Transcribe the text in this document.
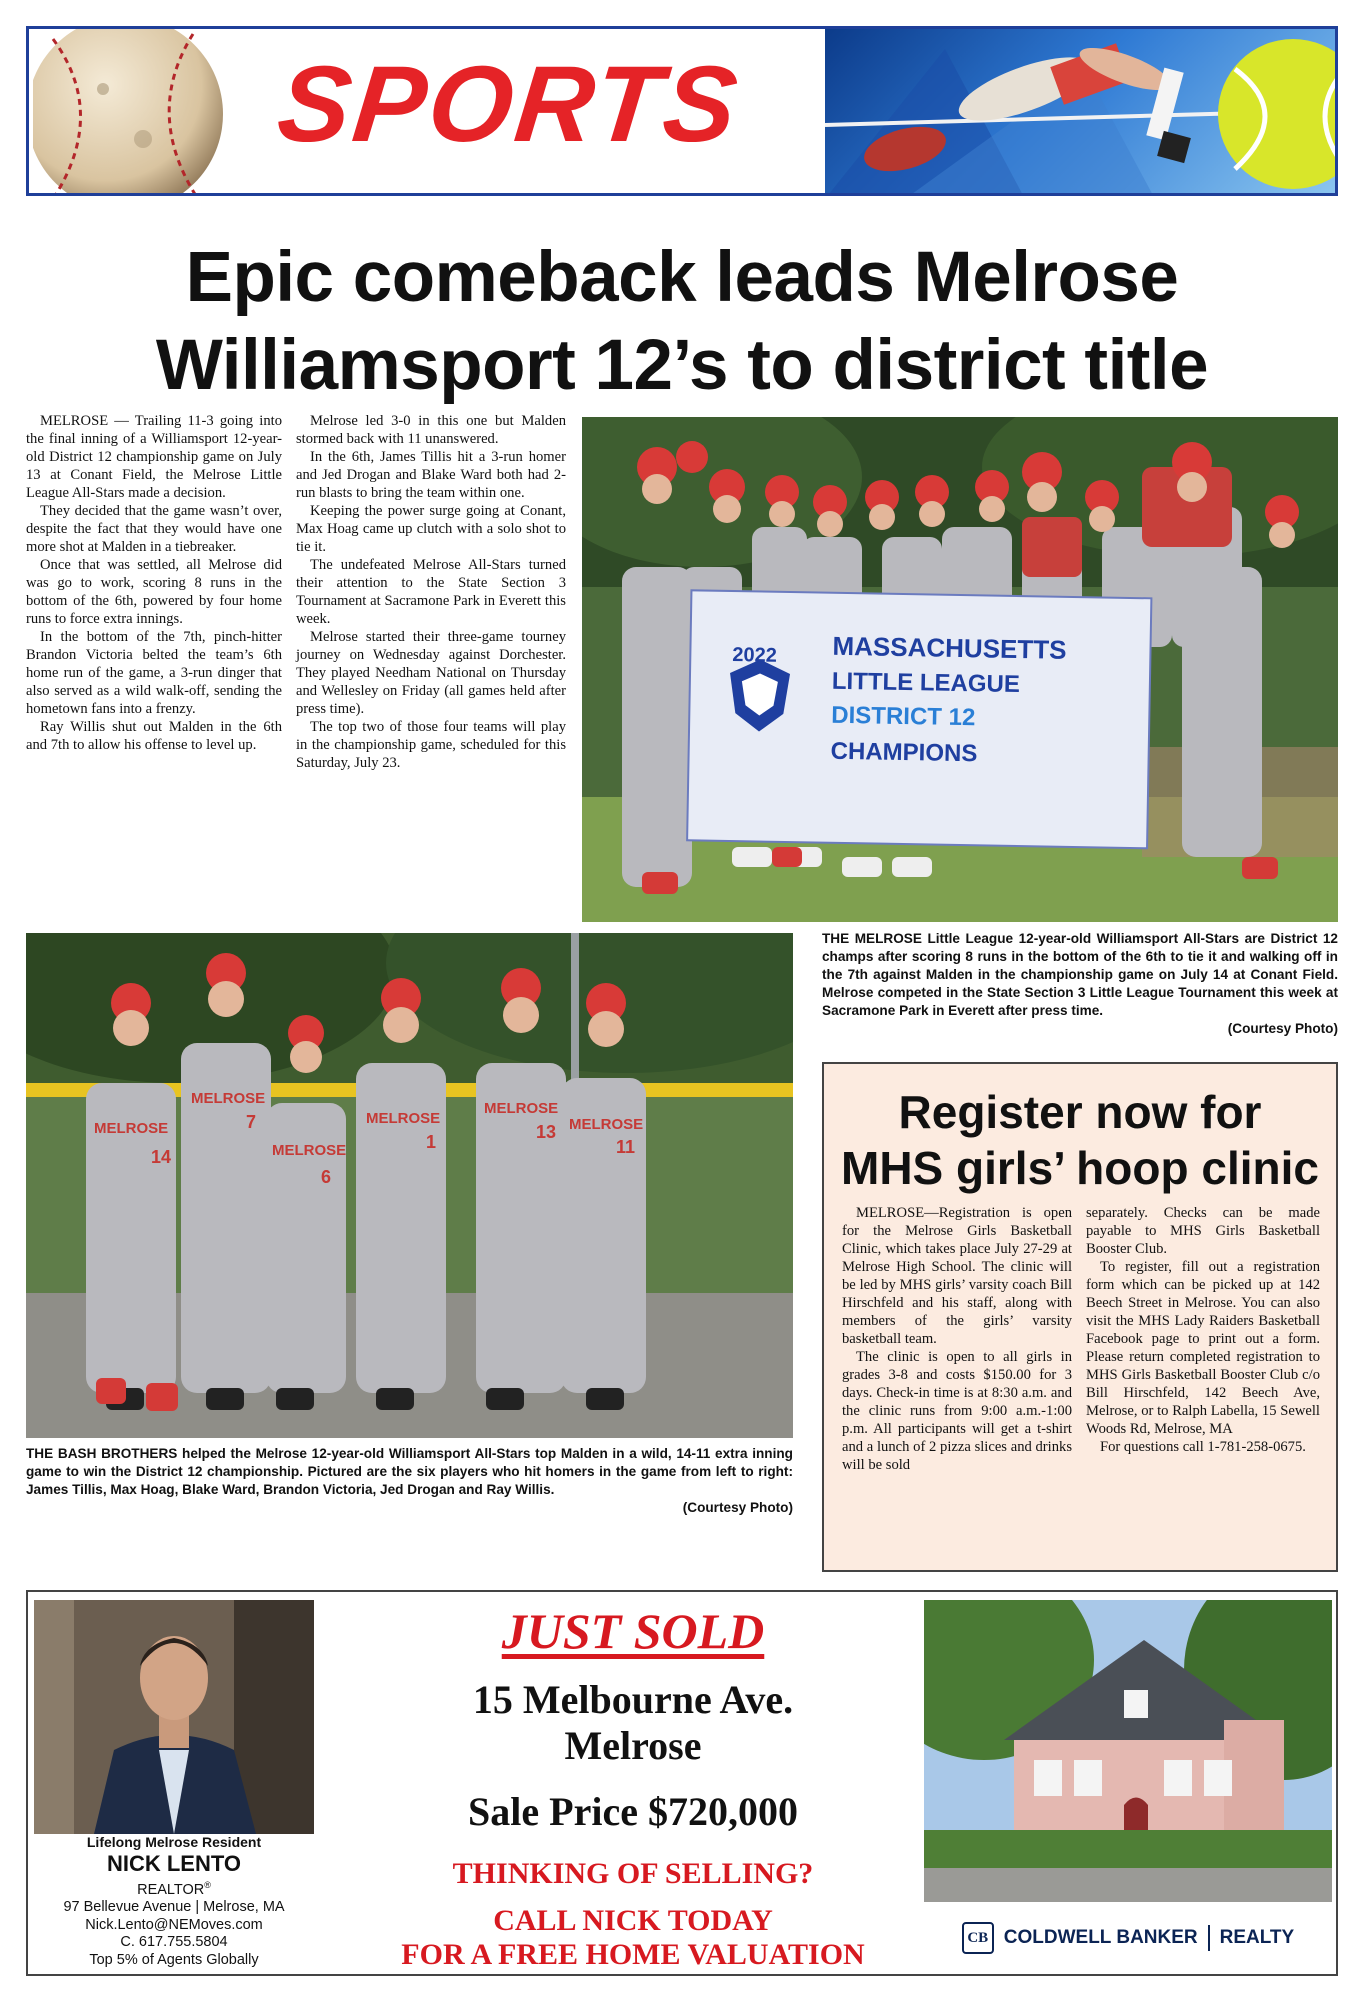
SPORTS
Epic comeback leads Melrose
Williamsport 12’s to district title

MELROSE — Trailing 11-3 going into the final inning of a Williamsport 12-year-old District 12 championship game on July 13 at Conant Field, the Melrose Little League All-Stars made a decision.

They decided that the game wasn’t over, despite the fact that they would have one more shot at Malden in a tiebreaker.

Once that was settled, all Melrose did was go to work, scoring 8 runs in the bottom of the 6th, powered by four home runs to force extra innings.

In the bottom of the 7th, pinch-hitter Brandon Victoria belted the team’s 6th home run of the game, a 3-run dinger that also served as a wild walk-off, sending the hometown fans into a frenzy.

Ray Willis shut out Malden in the 6th and 7th to allow his offense to level up.

Melrose led 3-0 in this one but Malden stormed back with 11 unanswered.

In the 6th, James Tillis hit a 3-run homer and Jed Drogan and Blake Ward both had 2-run blasts to bring the team within one.

Keeping the power surge going at Conant, Max Hoag came up clutch with a solo shot to tie it.

The undefeated Melrose All-Stars turned their attention to the State Section 3 Tournament at Sacramone Park in Everett this week.

Melrose started their three-game tourney journey on Wednesday against Dorchester. They played Needham National on Thursday and Wellesley on Friday (all games held after press time).

The top two of those four teams will play in the championship game, scheduled for this Saturday, July 23.

2022 MASSACHUSETTS
LITTLE LEAGUE
DISTRICT 12
CHAMPIONS
THE MELROSE Little League 12-year-old Williamsport All-Stars are District 12 champs after scoring 8 runs in the bottom of the 6th to tie it and walking off in the 7th against Malden in the championship game on July 14 at Conant Field. Melrose competed in the State Section 3 Little League Tournament this week at Sacramone Park in Everett after press time.
(Courtesy Photo)
MELROSE
MELROSE
MELROSE
MELROSE
MELROSE
MELROSE
14
7
6
1	13
11
THE BASH BROTHERS helped the Melrose 12-year-old Williamsport All-Stars top Malden in a wild, 14-11 extra inning game to win the District 12 championship. Pictured are the six players who hit homers in the game from left to right: James Tillis, Max Hoag, Blake Ward, Brandon Victoria, Jed Drogan and Ray Willis.
(Courtesy Photo)
Register now for
MHS girls’ hoop clinic

MELROSE—Registration is open for the Melrose Girls Basketball Clinic, which takes place July 27-29 at Melrose High School. The clinic will be led by MHS girls’ varsity coach Bill Hirschfeld and his staff, along with members of the girls’ varsity basketball team.

The clinic is open to all girls in grades 3-8 and costs $150.00 for 3 days. Check-in time is at 8:30 a.m. and the clinic runs from 9:00 a.m.-1:00 p.m. All participants will get a t-shirt and a lunch of 2 pizza slices and drinks will be sold

separately. Checks can be made payable to MHS Girls Basketball Booster Club.

To register, fill out a registration form which can be picked up at 142 Beech Street in Melrose. You can also visit the MHS Lady Raiders Basketball Facebook page to print out a form. Please return completed registration to MHS Girls Basketball Booster Club c/o Bill Hirschfeld, 142 Beech Ave, Melrose, or to Ralph Labella, 15 Sewell Woods Rd, Melrose, MA

For questions call 1-781-258-0675.

Lifelong Melrose Resident
NICK LENTO
REALTOR®
97 Bellevue Avenue | Melrose, MA
Nick.Lento@NEMoves.com
C. 617.755.5804
Top 5% of Agents Globally
JUST SOLD
15 Melbourne Ave.
Melrose
Sale Price $720,000
THINKING OF SELLING?
CALL NICK TODAY
FOR A FREE HOME VALUATION
CB COLDWELL BANKER REALTY
